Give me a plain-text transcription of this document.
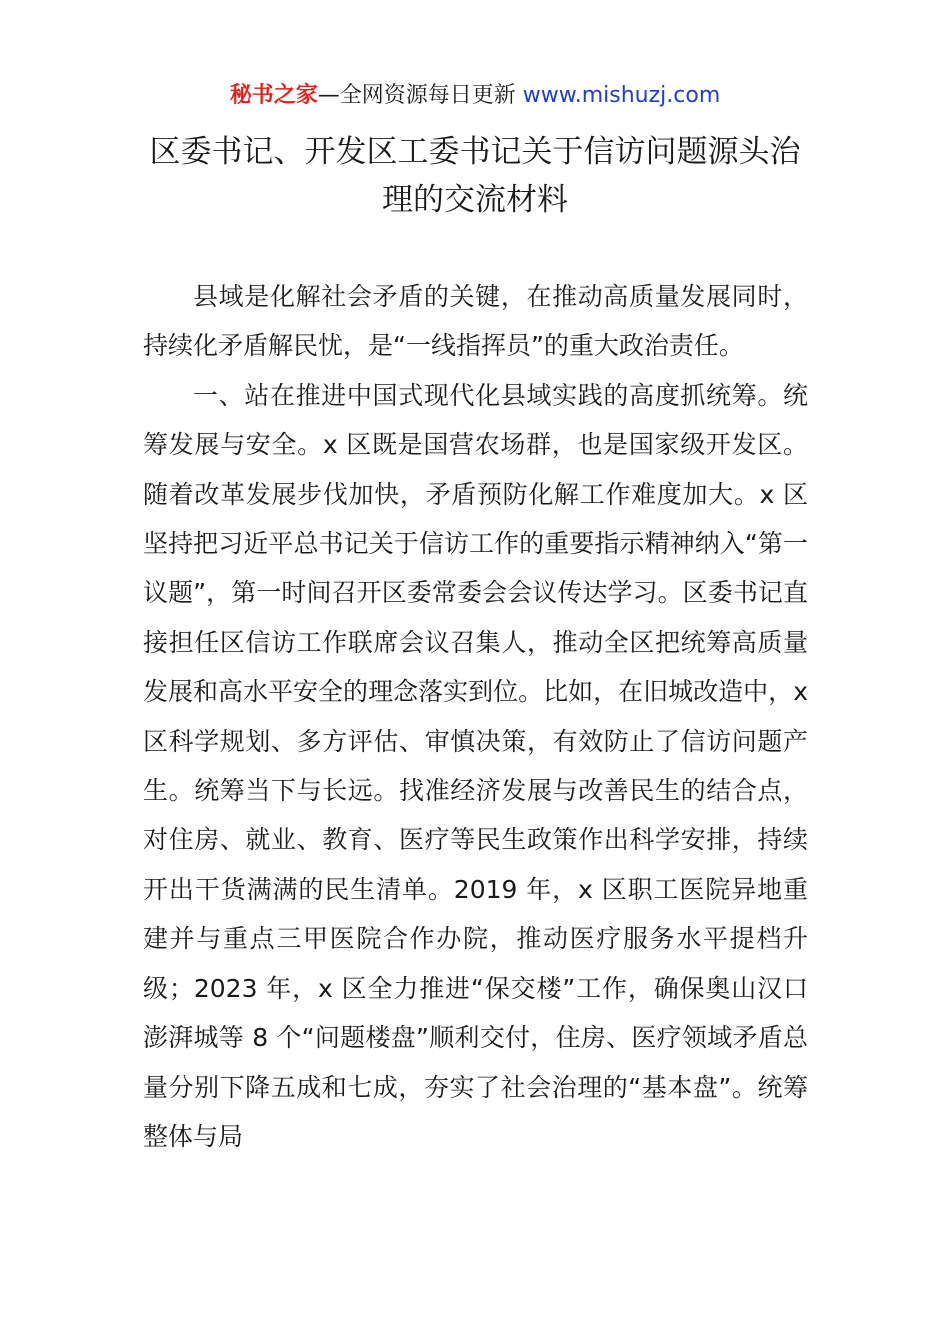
秘书之家—全网资源每日更新 www.mishuzj.com
区委书记、开发区工委书记关于信访问题源头治理的交流材料

县域是化解社会矛盾的关键，在推动高质量发展同时，持续化矛盾解民忧，是“一线指挥员”的重大政治责任。

一、站在推进中国式现代化县域实践的高度抓统筹。统筹发展与安全。x 区既是国营农场群，也是国家级开发区。随着改革发展步伐加快，矛盾预防化解工作难度加大。x 区坚持把习近平总书记关于信访工作的重要指示精神纳入“第一议题”，第一时间召开区委常委会会议传达学习。区委书记直接担任区信访工作联席会议召集人，推动全区把统筹高质量发展和高水平安全的理念落实到位。比如，在旧城改造中，x 区科学规划、多方评估、审慎决策，有效防止了信访问题产生。统筹当下与长远。找准经济发展与改善民生的结合点，对住房、就业、教育、医疗等民生政策作出科学安排，持续开出干货满满的民生清单。2019 年，x 区职工医院异地重建并与重点三甲医院合作办院，推动医疗服务水平提档升级；2023 年，x 区全力推进“保交楼”工作，确保奥山汉口澎湃城等 8 个“问题楼盘”顺利交付，住房、医疗领域矛盾总量分别下降五成和七成，夯实了社会治理的“基本盘”。统筹整体与局
